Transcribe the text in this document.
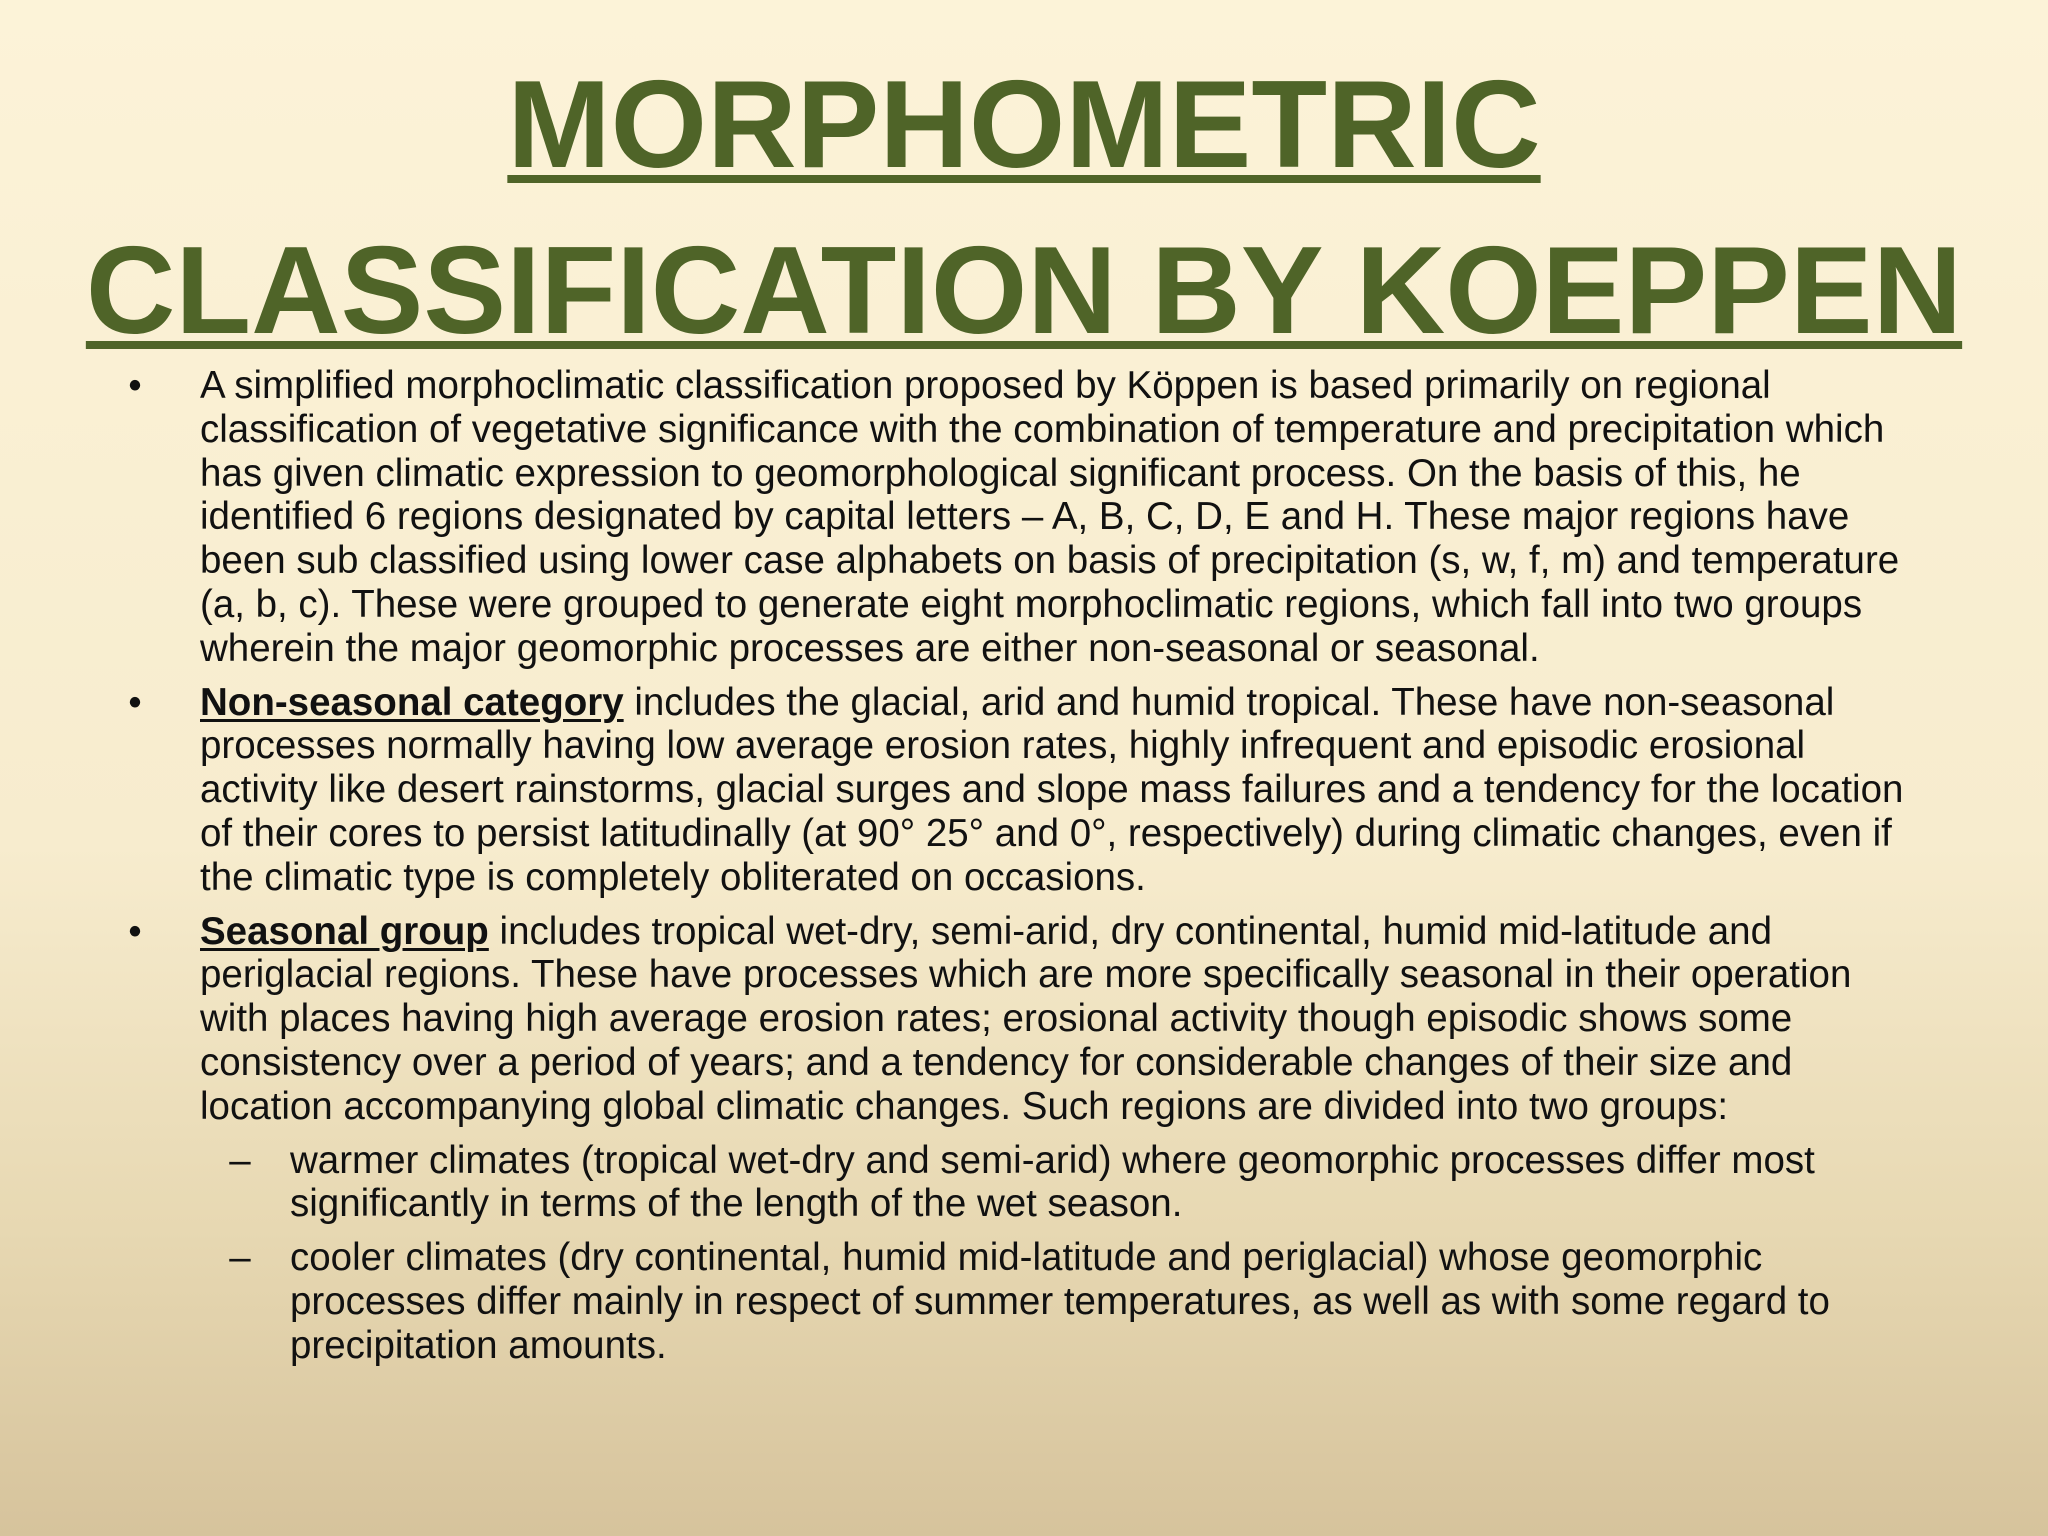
MORPHOMETRIC
CLASSIFICATION BY KOEPPEN
• A simplified morphoclimatic classification proposed by Köppen is based primarily on regional classification of vegetative significance with the combination of temperature and precipitation which has given climatic expression to geomorphological significant process. On the basis of this, he identified 6 regions designated by capital letters – A, B, C, D, E and H. These major regions have been sub classified using lower case alphabets on basis of precipitation (s, w, f, m) and temperature (a, b, c). These were grouped to generate eight morphoclimatic regions, which fall into two groups wherein the major geomorphic processes are either non-seasonal or seasonal.
• Non-seasonal category includes the glacial, arid and humid tropical. These have non-seasonal processes normally having low average erosion rates, highly infrequent and episodic erosional activity like desert rainstorms, glacial surges and slope mass failures and a tendency for the location of their cores to persist latitudinally (at 90° 25° and 0°, respectively) during climatic changes, even if the climatic type is completely obliterated on occasions.
• Seasonal group includes tropical wet-dry, semi-arid, dry continental, humid mid-latitude and periglacial regions. These have processes which are more specifically seasonal in their operation with places having high average erosion rates; erosional activity though episodic shows some consistency over a period of years; and a tendency for considerable changes of their size and location accompanying global climatic changes. Such regions are divided into two groups:
– warmer climates (tropical wet-dry and semi-arid) where geomorphic processes differ most significantly in terms of the length of the wet season.
– cooler climates (dry continental, humid mid-latitude and periglacial) whose geomorphic processes differ mainly in respect of summer temperatures, as well as with some regard to precipitation amounts.
